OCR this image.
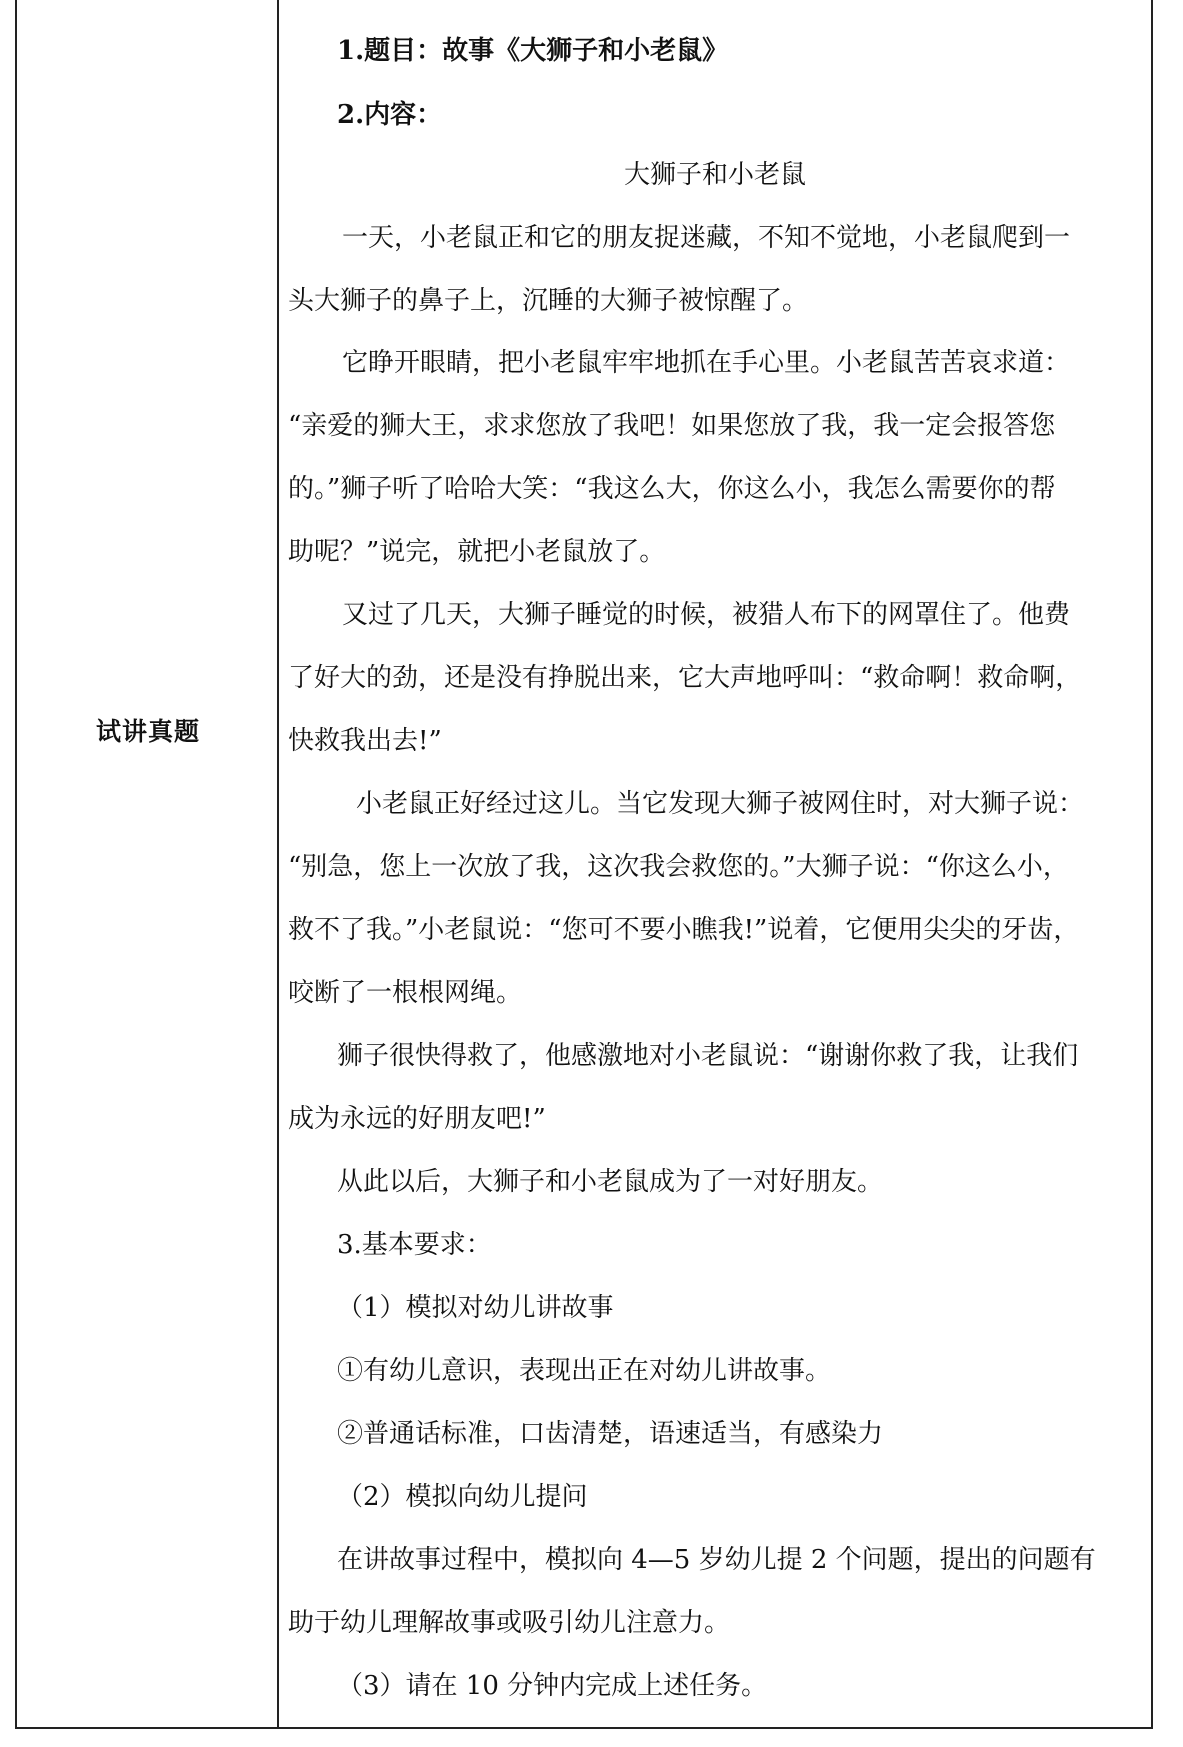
试讲真题
1.题目：故事《大狮子和小老鼠》
2.内容：
大狮子和小老鼠
一天，小老鼠正和它的朋友捉迷藏，不知不觉地，小老鼠爬到一
头大狮子的鼻子上，沉睡的大狮子被惊醒了。
它睁开眼睛，把小老鼠牢牢地抓在手心里。小老鼠苦苦哀求道：
“亲爱的狮大王，求求您放了我吧！如果您放了我，我一定会报答您
的。”狮子听了哈哈大笑：“我这么大，你这么小，我怎么需要你的帮
助呢？”说完，就把小老鼠放了。
又过了几天，大狮子睡觉的时候，被猎人布下的网罩住了。他费
了好大的劲，还是没有挣脱出来，它大声地呼叫：“救命啊！救命啊，
快救我出去!”
小老鼠正好经过这儿。当它发现大狮子被网住时，对大狮子说：
“别急，您上一次放了我，这次我会救您的。”大狮子说：“你这么小，
救不了我。”小老鼠说：“您可不要小瞧我!”说着，它便用尖尖的牙齿，
咬断了一根根网绳。
狮子很快得救了，他感激地对小老鼠说：“谢谢你救了我，让我们
成为永远的好朋友吧!”
从此以后，大狮子和小老鼠成为了一对好朋友。
3.基本要求：
（1）模拟对幼儿讲故事
①有幼儿意识，表现出正在对幼儿讲故事。
②普通话标准，口齿清楚，语速适当，有感染力
（2）模拟向幼儿提问
在讲故事过程中，模拟向 4—5 岁幼儿提 2 个问题，提出的问题有
助于幼儿理解故事或吸引幼儿注意力。
（3）请在 10 分钟内完成上述任务。
